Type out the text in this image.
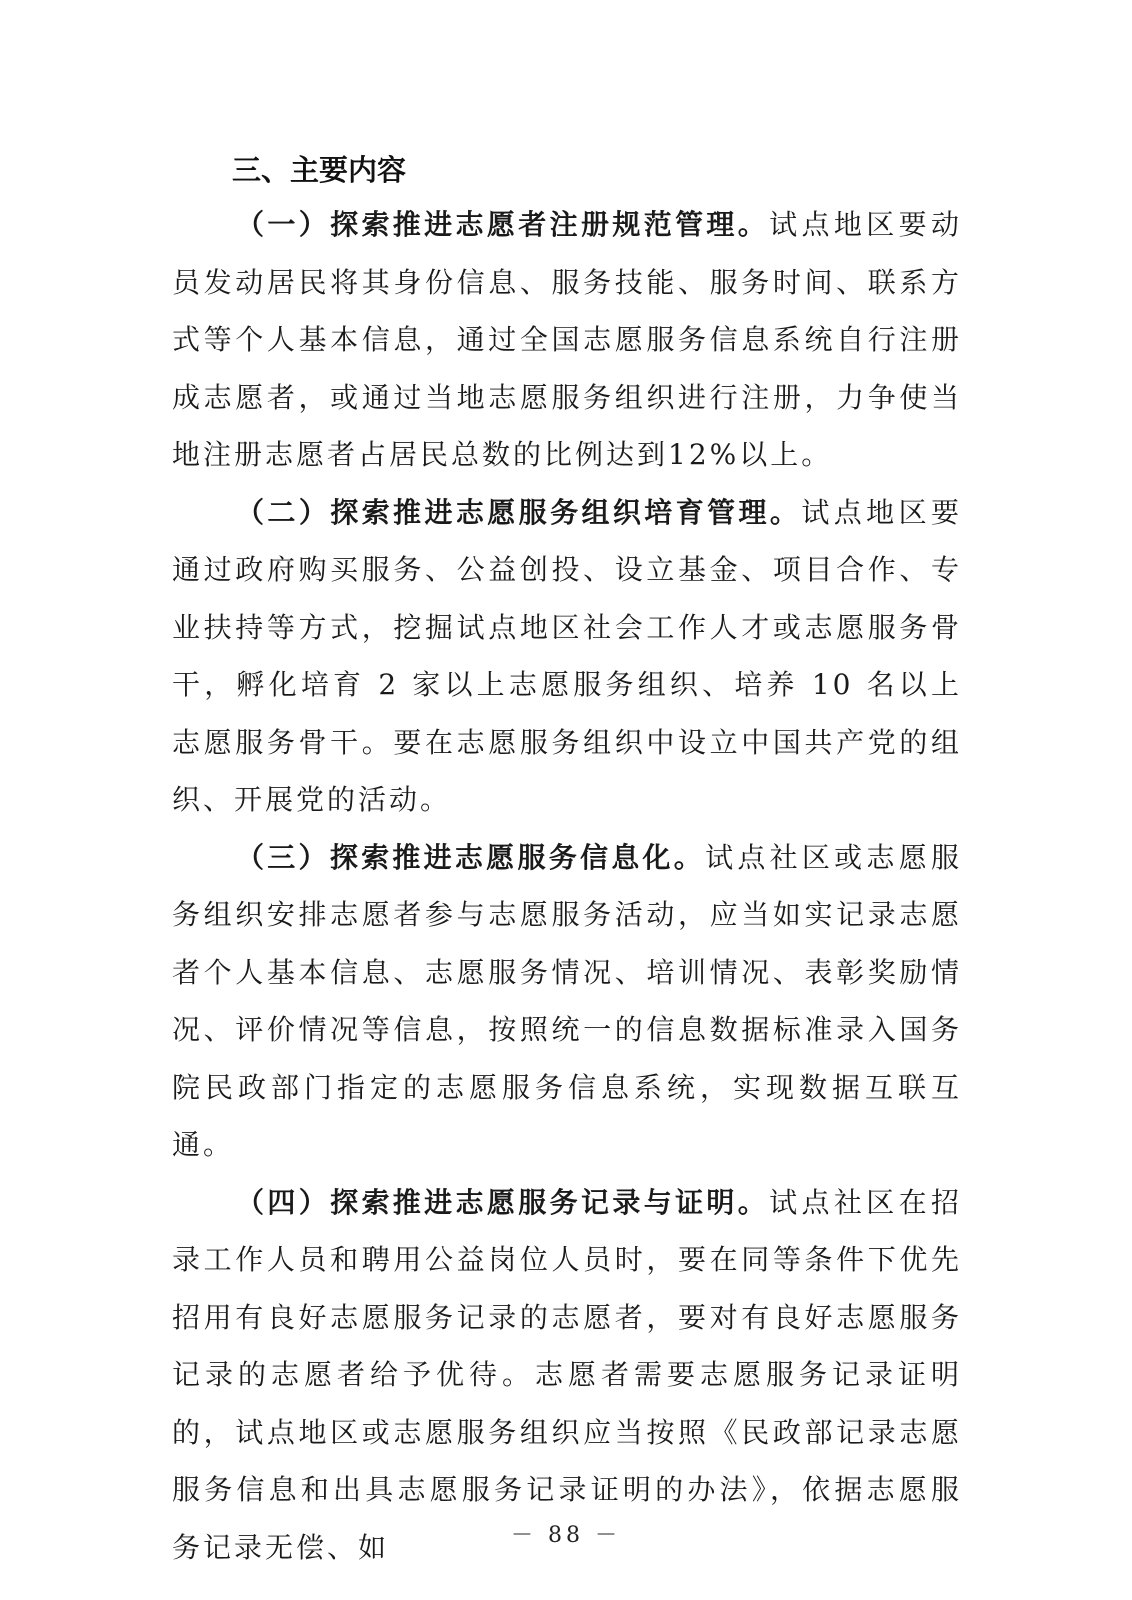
三、主要内容

（一）探索推进志愿者注册规范管理。试点地区要动员发动居民将其身份信息、服务技能、服务时间、联系方式等个人基本信息，通过全国志愿服务信息系统自行注册成志愿者，或通过当地志愿服务组织进行注册，力争使当地注册志愿者占居民总数的比例达到12%以上。

（二）探索推进志愿服务组织培育管理。试点地区要通过政府购买服务、公益创投、设立基金、项目合作、专业扶持等方式，挖掘试点地区社会工作人才或志愿服务骨干，孵化培育 2 家以上志愿服务组织、培养 10 名以上志愿服务骨干。要在志愿服务组织中设立中国共产党的组织、开展党的活动。

（三）探索推进志愿服务信息化。试点社区或志愿服务组织安排志愿者参与志愿服务活动，应当如实记录志愿者个人基本信息、志愿服务情况、培训情况、表彰奖励情况、评价情况等信息，按照统一的信息数据标准录入国务院民政部门指定的志愿服务信息系统，实现数据互联互通。

（四）探索推进志愿服务记录与证明。试点社区在招录工作人员和聘用公益岗位人员时，要在同等条件下优先招用有良好志愿服务记录的志愿者，要对有良好志愿服务记录的志愿者给予优待。志愿者需要志愿服务记录证明的，试点地区或志愿服务组织应当按照《民政部记录志愿服务信息和出具志愿服务记录证明的办法》，依据志愿服务记录无偿、如	－ 88 －
